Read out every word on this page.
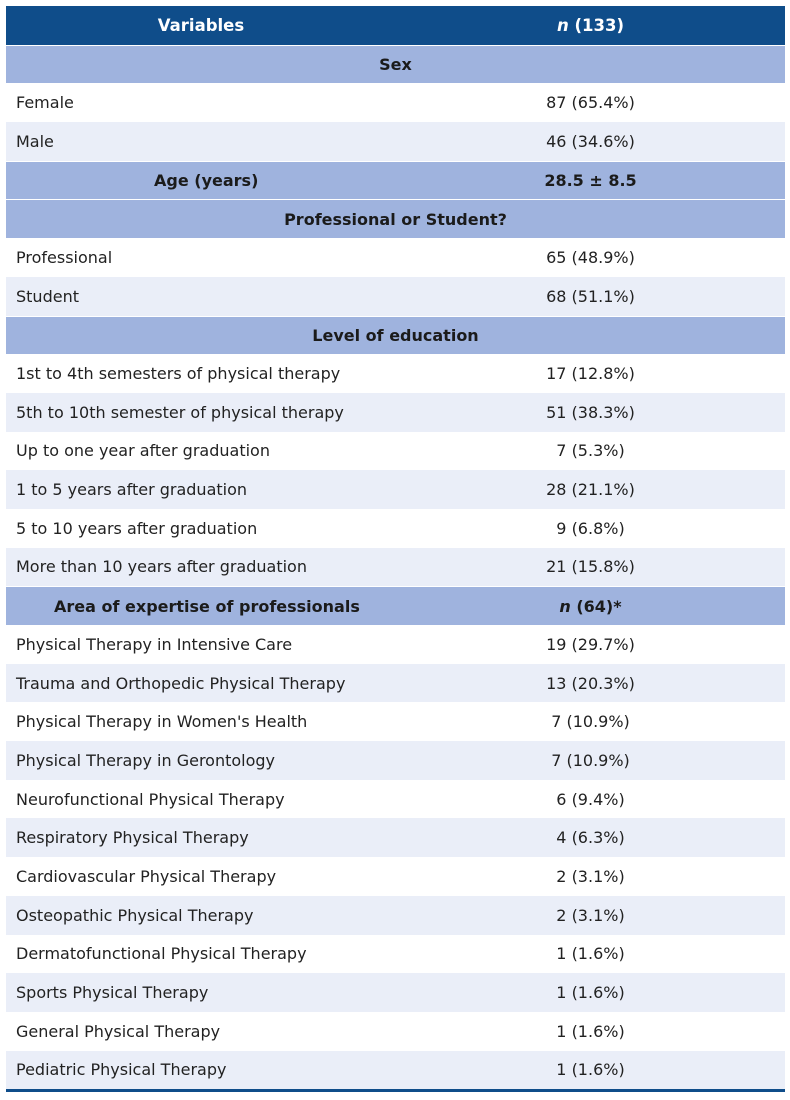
Variables	n (133)
Sex
Female	87 (65.4%)
Male	46 (34.6%)
Age (years)	28.5 ± 8.5
Professional or Student?
Professional	65 (48.9%)
Student	68 (51.1%)
Level of education
1st to 4th semesters of physical therapy	17 (12.8%)
5th to 10th semester of physical therapy	51 (38.3%)
Up to one year after graduation	7 (5.3%)
1 to 5 years after graduation	28 (21.1%)
5 to 10 years after graduation	9 (6.8%)
More than 10 years after graduation	21 (15.8%)
Area of expertise of professionals	n (64)*
Physical Therapy in Intensive Care	19 (29.7%)
Trauma and Orthopedic Physical Therapy	13 (20.3%)
Physical Therapy in Women's Health	7 (10.9%)
Physical Therapy in Gerontology	7 (10.9%)
Neurofunctional Physical Therapy	6 (9.4%)
Respiratory Physical Therapy	4 (6.3%)
Cardiovascular Physical Therapy	2 (3.1%)
Osteopathic Physical Therapy	2 (3.1%)
Dermatofunctional Physical Therapy	1 (1.6%)
Sports Physical Therapy	1 (1.6%)
General Physical Therapy	1 (1.6%)
Pediatric Physical Therapy	1 (1.6%)
